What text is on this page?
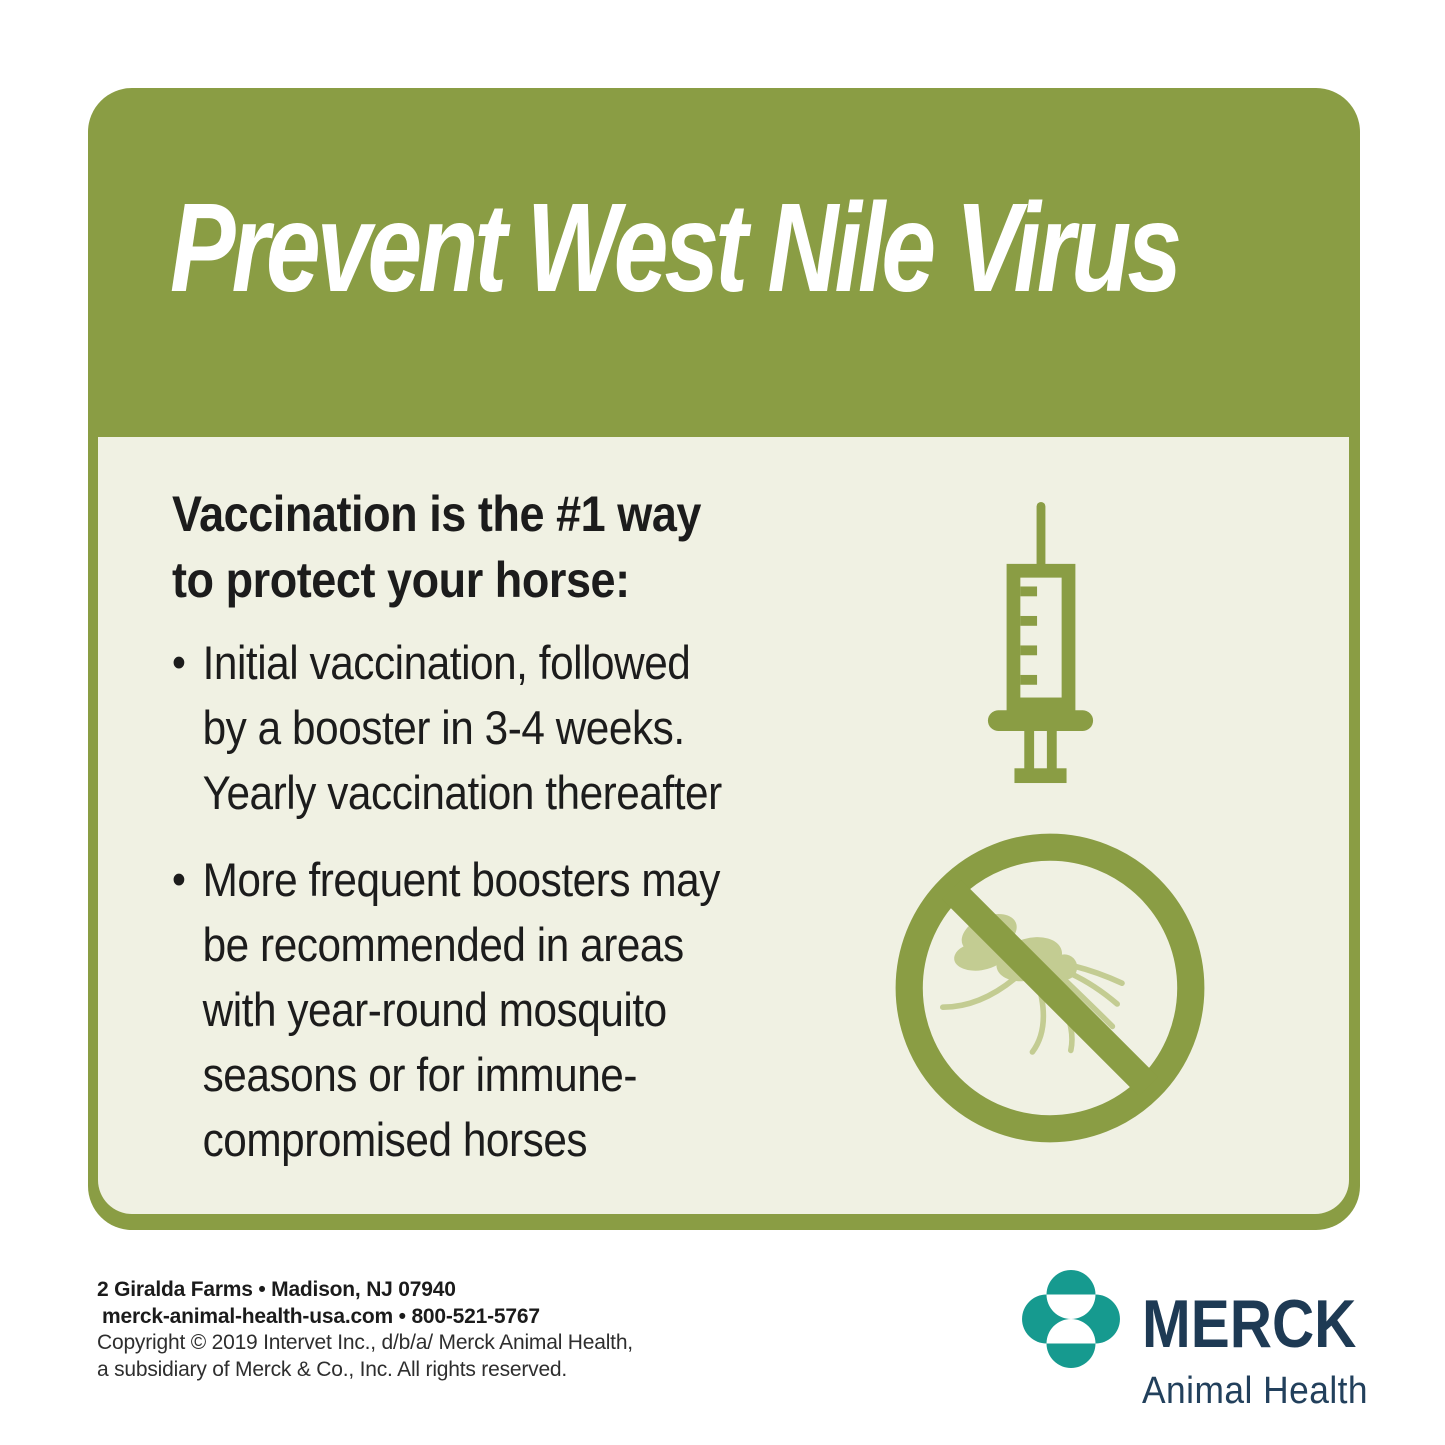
Prevent West Nile Virus
Vaccination is the #1 way
to protect your horse:
• Initial vaccination, followed
by a booster in 3-4 weeks.
Yearly vaccination thereafter
• More frequent boosters may
be recommended in areas
with year-round mosquito
seasons or for immune-
compromised horses
2 Giralda Farms • Madison, NJ 07940
merck-animal-health-usa.com • 800-521-5767
Copyright © 2019 Intervet Inc., d/b/a/ Merck Animal Health,
a subsidiary of Merck & Co., Inc. All rights reserved.
MERCK
Animal Health
